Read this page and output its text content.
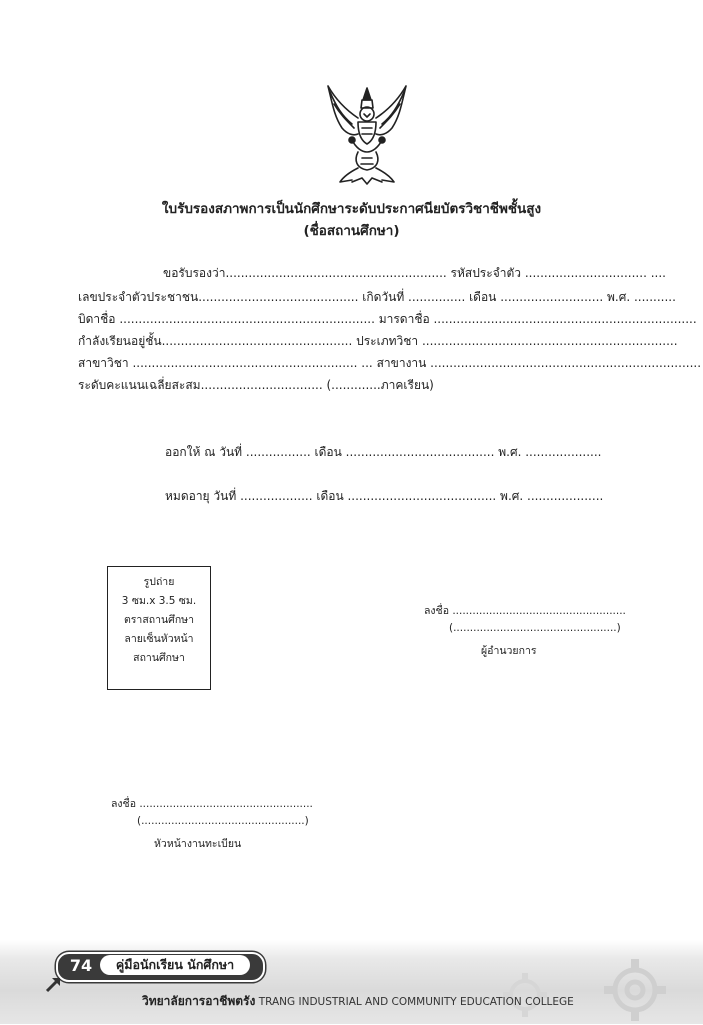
ใบรับรองสภาพการเป็นนักศึกษาระดับประกาศนียบัตรวิชาชีพชั้นสูง
(ชื่อสถานศึกษา)
ขอรับรองว่า.......................................................... รหัสประจำตัว ................................ ....
เลขประจำตัวประชาชน.......................................... เกิดวันที่ ............... เดือน ........................... พ.ศ. ...........
บิดาชื่อ ................................................................... มารดาชื่อ .....................................................................
กำลังเรียนอยู่ชั้น.................................................. ประเภทวิชา ...................................................................
สาขาวิชา ........................................................... ... สาขางาน .......................................................................
ระดับคะแนนเฉลี่ยสะสม................................ (.............ภาคเรียน)
ออกให้ ณ วันที่ ................. เดือน ....................................... พ.ศ. ....................
หมดอายุ วันที่ ................... เดือน ....................................... พ.ศ. ....................
รูปถ่าย
3 ซม.x 3.5 ซม.
ตราสถานศึกษา
ลายเซ็นหัวหน้า
สถานศึกษา
ลงชื่อ ....................................................
(.................................................)
ผู้อำนวยการ
ลงชื่อ ....................................................
(.................................................)
หัวหน้างานทะเบียน
74	คู่มือนักเรียน นักศึกษา
วิทยาลัยการอาชีพตรัง TRANG INDUSTRIAL AND COMMUNITY EDUCATION COLLEGE
